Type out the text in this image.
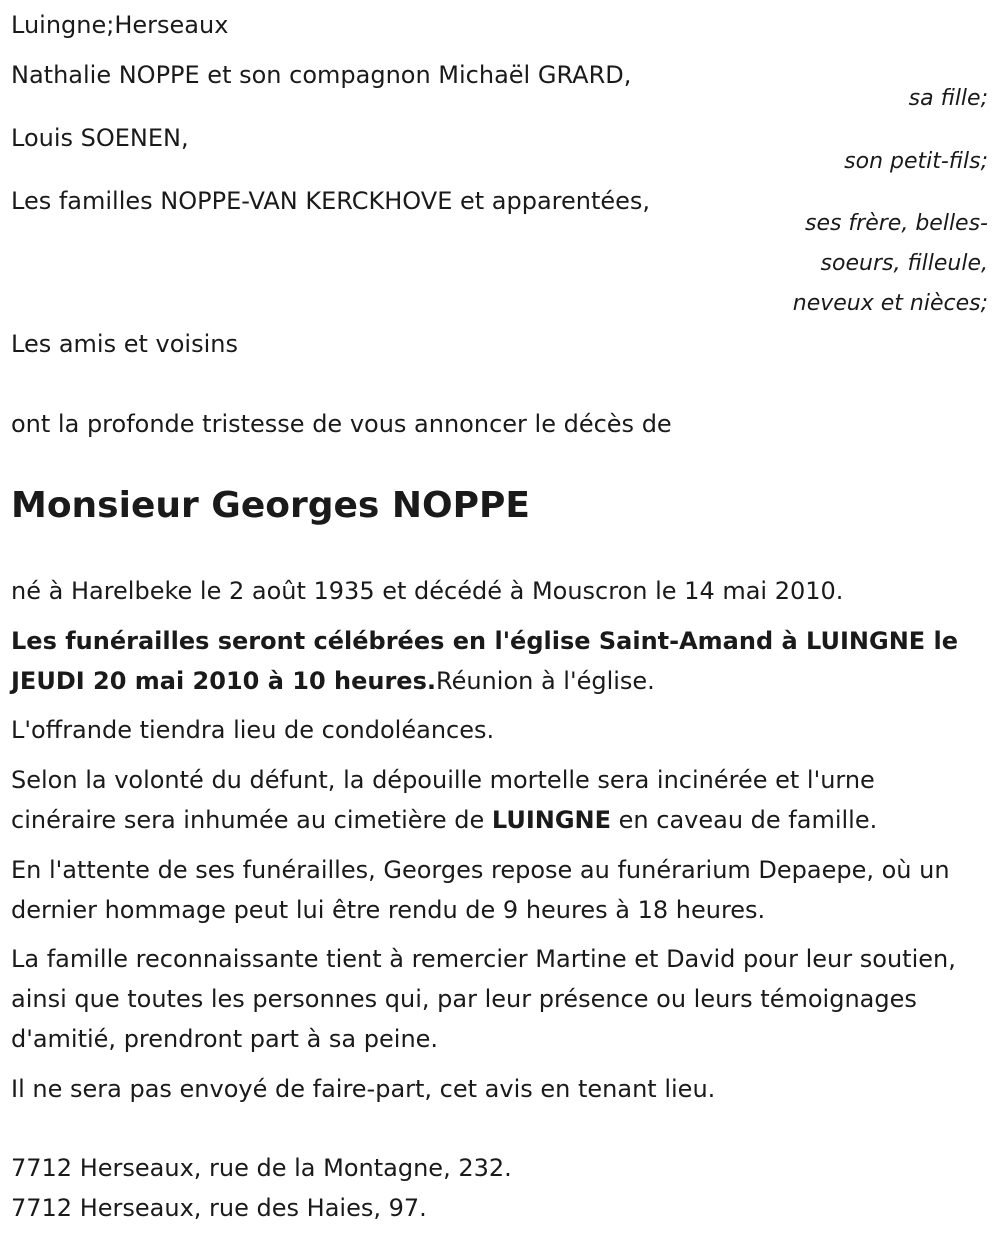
Luingne;Herseaux
Nathalie NOPPE et son compagnon Michaël GRARD,
sa fille;
Louis SOENEN,
son petit-fils;
Les familles NOPPE-VAN KERCKHOVE et apparentées,
ses frère, belles-
soeurs, filleule,
neveux et nièces;
Les amis et voisins
ont la profonde tristesse de vous annoncer le décès de
Monsieur Georges NOPPE
né à Harelbeke le 2 août 1935 et décédé à Mouscron le 14 mai 2010.
Les funérailles seront célébrées en l'église Saint-Amand à LUINGNE le JEUDI 20 mai 2010 à 10 heures.Réunion à l'église.
L'offrande tiendra lieu de condoléances.
Selon la volonté du défunt, la dépouille mortelle sera incinérée et l'urne cinéraire sera inhumée au cimetière de LUINGNE en caveau de famille.
En l'attente de ses funérailles, Georges repose au funérarium Depaepe, où un dernier hommage peut lui être rendu de 9 heures à 18 heures.
La famille reconnaissante tient à remercier Martine et David pour leur soutien, ainsi que toutes les personnes qui, par leur présence ou leurs témoignages d'amitié, prendront part à sa peine.
Il ne sera pas envoyé de faire-part, cet avis en tenant lieu.
7712 Herseaux, rue de la Montagne, 232.
7712 Herseaux, rue des Haies, 97.
